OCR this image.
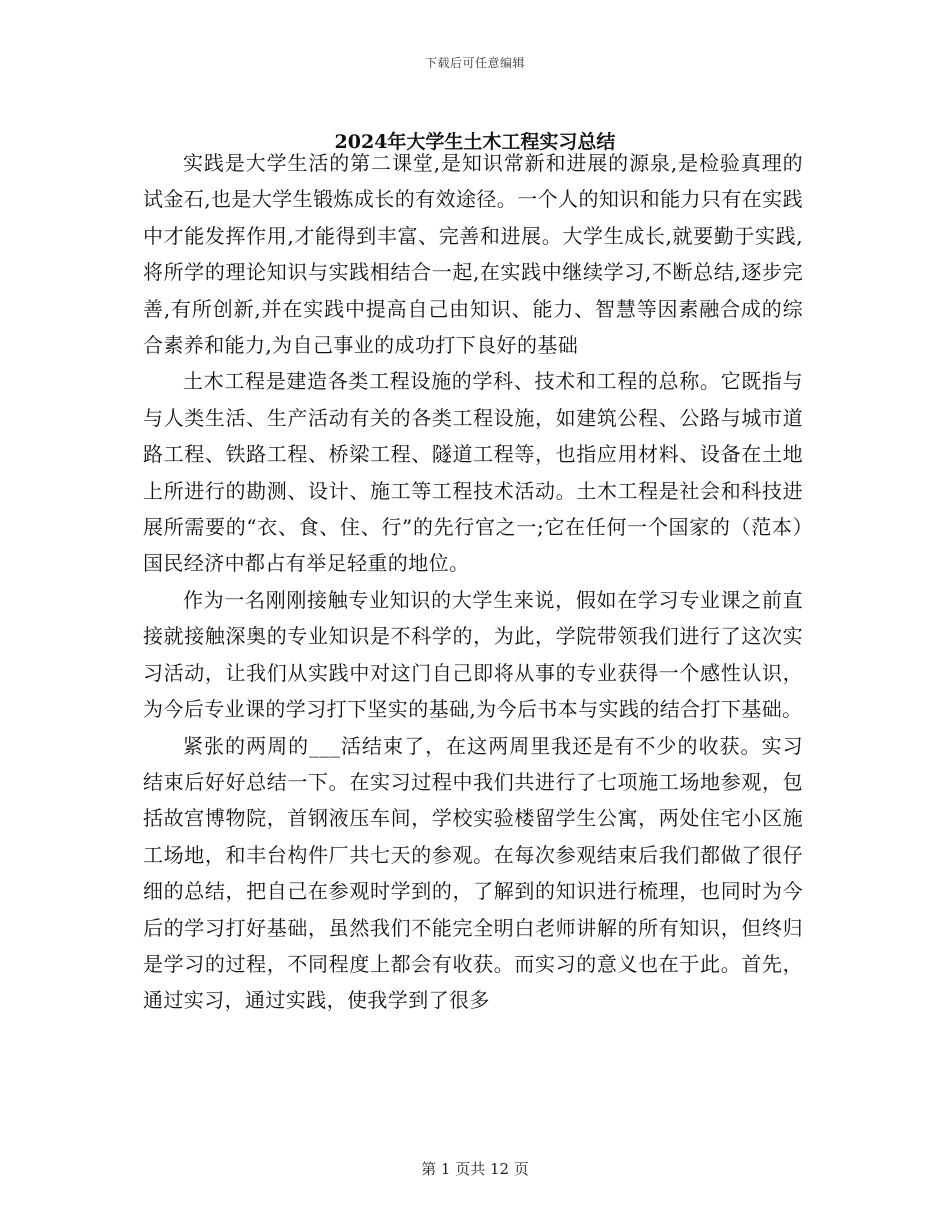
下载后可任意编辑
2024年大学生土木工程实习总结

实践是大学生活的第二课堂,是知识常新和进展的源泉,是检验真理的试金石,也是大学生锻炼成长的有效途径。一个人的知识和能力只有在实践中才能发挥作用,才能得到丰富、完善和进展。大学生成长,就要勤于实践,将所学的理论知识与实践相结合一起,在实践中继续学习,不断总结,逐步完善,有所创新,并在实践中提高自己由知识、能力、智慧等因素融合成的综合素养和能力,为自己事业的成功打下良好的基础

土木工程是建造各类工程设施的学科、技术和工程的总称。它既指与与人类生活、生产活动有关的各类工程设施，如建筑公程、公路与城市道路工程、铁路工程、桥梁工程、隧道工程等，也指应用材料、设备在土地上所进行的勘测、设计、施工等工程技术活动。土木工程是社会和科技进展所需要的“衣、食、住、行”的先行官之一;它在任何一个国家的（范本）国民经济中都占有举足轻重的地位。

作为一名刚刚接触专业知识的大学生来说，假如在学习专业课之前直接就接触深奥的专业知识是不科学的，为此，学院带领我们进行了这次实习活动，让我们从实践中对这门自己即将从事的专业获得一个感性认识，为今后专业课的学习打下坚实的基础,为今后书本与实践的结合打下基础。

紧张的两周的___活结束了，在这两周里我还是有不少的收获。实习结束后好好总结一下。在实习过程中我们共进行了七项施工场地参观，包括故宫博物院，首钢液压车间，学校实验楼留学生公寓，两处住宅小区施工场地，和丰台构件厂共七天的参观。在每次参观结束后我们都做了很仔细的总结，把自己在参观时学到的，了解到的知识进行梳理，也同时为今后的学习打好基础，虽然我们不能完全明白老师讲解的所有知识，但终归是学习的过程，不同程度上都会有收获。而实习的意义也在于此。首先，通过实习，通过实践，使我学到了很多

第 1 页共 12 页
